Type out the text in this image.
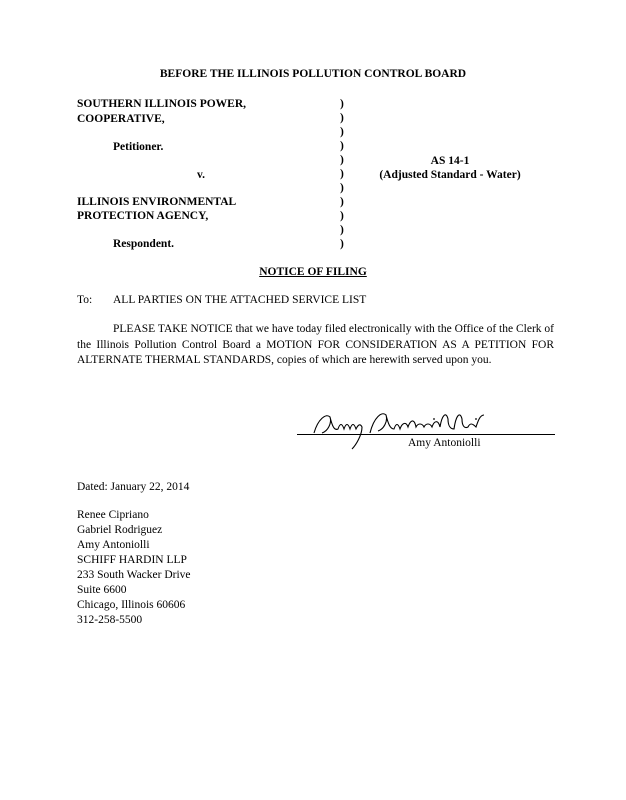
BEFORE THE ILLINOIS POLLUTION CONTROL BOARD
SOUTHERN ILLINOIS POWER,
COOPERATIVE,
Petitioner.
v.
ILLINOIS ENVIRONMENTAL
PROTECTION AGENCY,
Respondent.
)
)
)
)
)
)
)
)
)
)
)
AS 14-1
(Adjusted Standard - Water)
NOTICE OF FILING
To: ALL PARTIES ON THE ATTACHED SERVICE LIST
PLEASE TAKE NOTICE that we have today filed electronically with the Office of the Clerk of the Illinois Pollution Control Board a MOTION FOR CONSIDERATION AS A PETITION FOR ALTERNATE THERMAL STANDARDS, copies of which are herewith served upon you.
Amy Antoniolli
Dated: January 22, 2014
Renee Cipriano
Gabriel Rodriguez
Amy Antoniolli
SCHIFF HARDIN LLP
233 South Wacker Drive
Suite 6600
Chicago, Illinois 60606
312-258-5500
